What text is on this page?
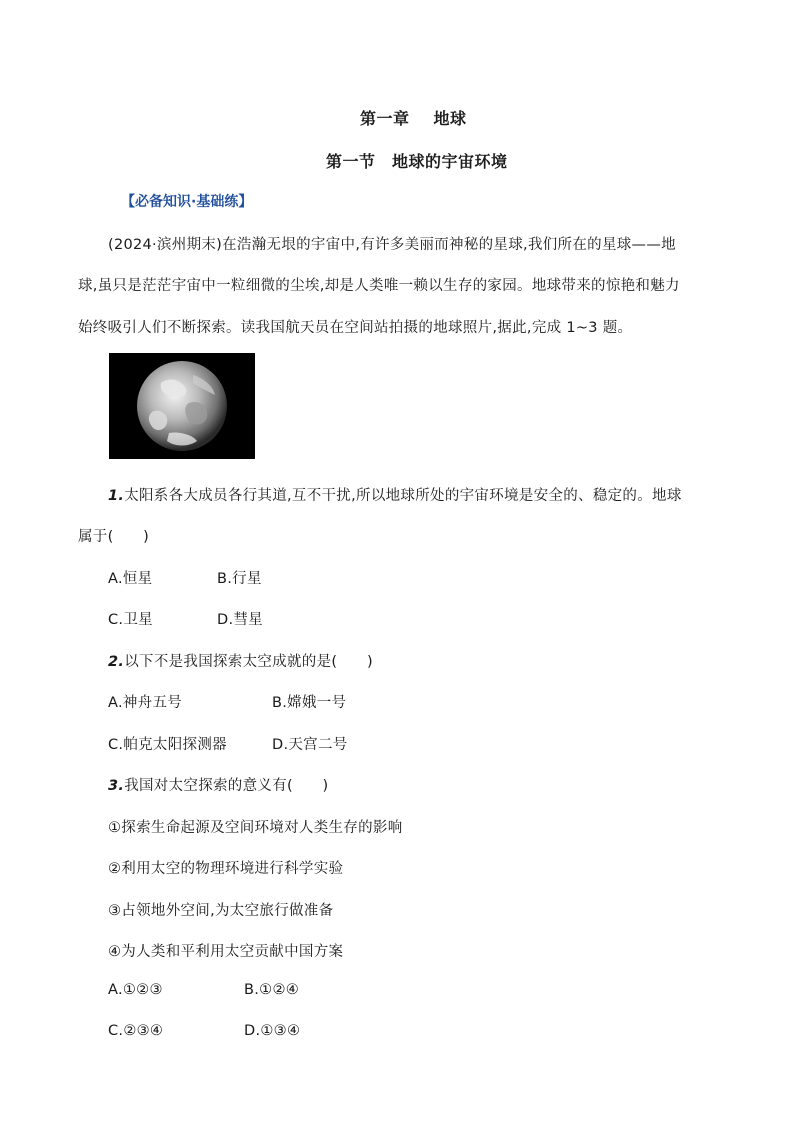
第一章 地球
第一节　地球的宇宙环境
【必备知识·基础练】
(2024·滨州期末)在浩瀚无垠的宇宙中,有许多美丽而神秘的星球,我们所在的星球——地
球,虽只是茫茫宇宙中一粒细微的尘埃,却是人类唯一赖以生存的家园。地球带来的惊艳和魅力
始终吸引人们不断探索。读我国航天员在空间站拍摄的地球照片,据此,完成 1~3 题。
1.太阳系各大成员各行其道,互不干扰,所以地球所处的宇宙环境是安全的、稳定的。地球
属于(　　)
A.恒星	B.行星
C.卫星	D.彗星
2.以下不是我国探索太空成就的是(　　)
A.神舟五号	B.嫦娥一号
C.帕克太阳探测器	D.天宫二号
3.我国对太空探索的意义有(　　)
①探索生命起源及空间环境对人类生存的影响
②利用太空的物理环境进行科学实验
③占领地外空间,为太空旅行做准备
④为人类和平利用太空贡献中国方案
A.①②③	B.①②④
C.②③④	D.①③④
